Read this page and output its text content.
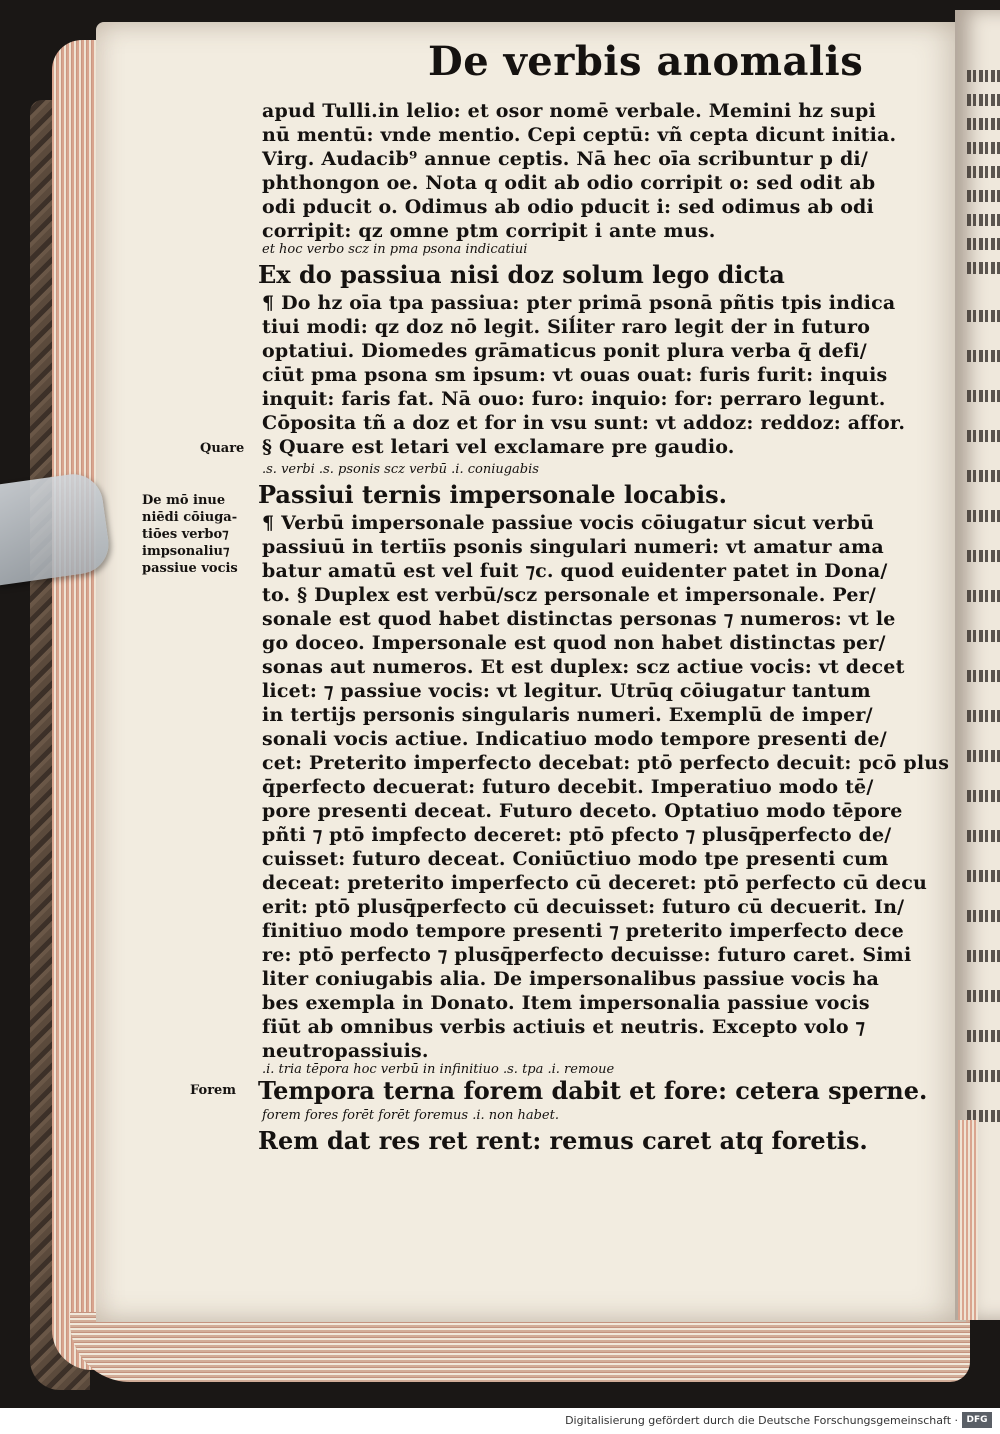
De verbis anomalis
apud Tulli.in lelio: et osor nomē verbale. Memini hz supi
nū mentū: vnde mentio. Cepi ceptū: vñ cepta dicunt initia.
Virg. Audacib⁹ annue ceptis. Nā hec oīa scribuntur p di/
phthongon oe. Nota q odit ab odio corripit o: sed odit ab
odi pducit o. Odimus ab odio pducit i: sed odimus ab odi
corripit: qz omne ptm corripit i ante mus.
et hoc verbo scz in pma psona indicatiui
Ex do passiua nisi doz solum lego dicta
¶ Do hz oīa tpa passiua: pter primā psonā pñtis tpis indica
tiui modi: qz doz nō legit. Siĺiter raro legit der in futuro
optatiui. Diomedes grāmaticus ponit plura verba q̄ defi/
ciūt pma psona sm ipsum: vt ouas ouat: furis furit: inquis
inquit: faris fat. Nā ouo: furo: inquio: for: perraro legunt.
Cōposita tñ a doz et for in vsu sunt: vt addoz: reddoz: affor.
§ Quare est letari vel exclamare pre gaudio.
Quare
.s. verbi .s. psonis scz verbū .i. coniugabis
Passiui ternis impersonale locabis.
De mō inue
niēdi cōiuga-
tiōes verbo⁊
impsonaliu⁊
passiue vocis
¶ Verbū impersonale passiue vocis cōiugatur sicut verbū
passiuū in tertiīs psonis singulari numeri: vt amatur ama
batur amatū est vel fuit ⁊c. quod euidenter patet in Dona/
to. § Duplex est verbū/scz personale et impersonale. Per/
sonale est quod habet distinctas personas ⁊ numeros: vt le
go doceo. Impersonale est quod non habet distinctas per/
sonas aut numeros. Et est duplex: scz actiue vocis: vt decet
licet: ⁊ passiue vocis: vt legitur. Utrūq cōiugatur tantum
in tertijs personis singularis numeri. Exemplū de imper/
sonali vocis actiue. Indicatiuo modo tempore presenti de/
cet: Preterito imperfecto decebat: ptō perfecto decuit: pcō plus
q̄perfecto decuerat: futuro decebit. Imperatiuo modo tē/
pore presenti deceat. Futuro deceto. Optatiuo modo tēpore
pñti ⁊ ptō impfecto deceret: ptō pfecto ⁊ plusq̄perfecto de/
cuisset: futuro deceat. Coniūctiuo modo tpe presenti cum
deceat: preterito imperfecto cū deceret: ptō perfecto cū decu
erit: ptō plusq̄perfecto cū decuisset: futuro cū decuerit. In/
finitiuo modo tempore presenti ⁊ preterito imperfecto dece
re: ptō perfecto ⁊ plusq̄perfecto decuisse: futuro caret. Simi
liter coniugabis alia. De impersonalibus passiue vocis ha
bes exempla in Donato. Item impersonalia passiue vocis
fiūt ab omnibus verbis actiuis et neutris. Excepto volo ⁊
neutropassiuis.
.i. tria tēpora hoc verbū in infinitiuo .s. tpa .i. remoue
Forem Tempora terna forem dabit et fore: cetera sperne.
forem fores forēt forēt foremus .i. non habet.
Rem dat res ret rent: remus caret atq foretis.
Digitalisierung gefördert durch die Deutsche Forschungsgemeinschaft · DFG
